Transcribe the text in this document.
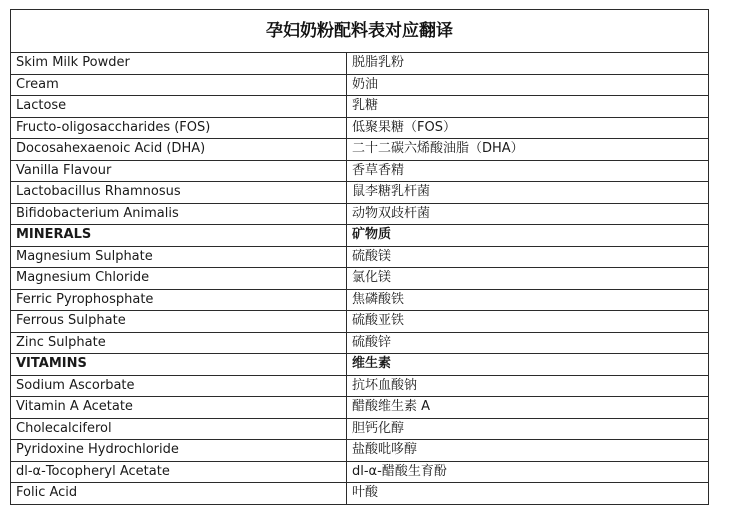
孕妇奶粉配料表对应翻译	
Skim Milk Powder	脱脂乳粉
Cream	奶油
Lactose	乳糖
Fructo-oligosaccharides (FOS)	低聚果糖（FOS）
Docosahexaenoic Acid (DHA)	二十二碳六烯酸油脂（DHA）
Vanilla Flavour	香草香精
Lactobacillus Rhamnosus	鼠李糖乳杆菌
Bifidobacterium Animalis	动物双歧杆菌
MINERALS	矿物质
Magnesium Sulphate	硫酸镁
Magnesium Chloride	氯化镁
Ferric Pyrophosphate	焦磷酸铁
Ferrous Sulphate	硫酸亚铁
Zinc Sulphate	硫酸锌
VITAMINS	维生素
Sodium Ascorbate	抗坏血酸钠
Vitamin A Acetate	醋酸维生素 A
Cholecalciferol	胆钙化醇
Pyridoxine Hydrochloride	盐酸吡哆醇
dl-α-Tocopheryl Acetate	dl-α-醋酸生育酚
Folic Acid	叶酸
